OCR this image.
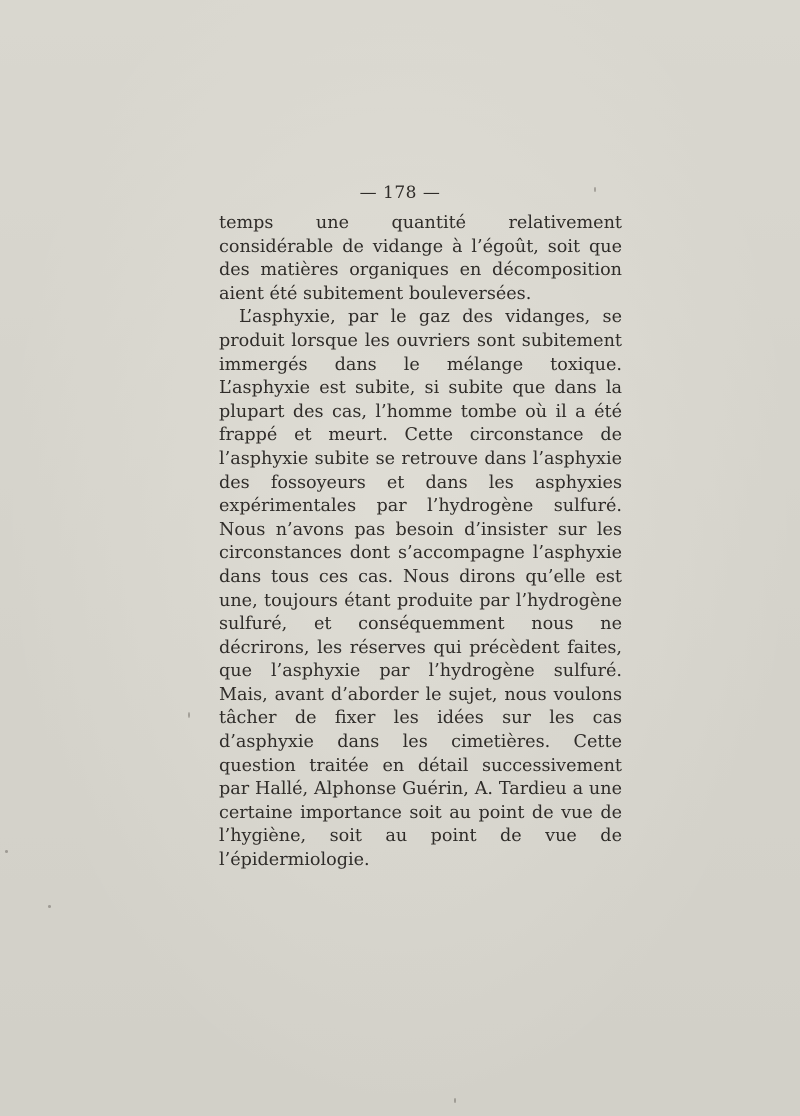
— 178 —

temps une quantité relativement considérable de vidange à l’égoût, soit que des matières organiques en décomposition aient été subitement bouleversées.

L’asphyxie, par le gaz des vidanges, se produit lorsque les ouvriers sont subitement immergés dans le mélange toxique. L’asphyxie est subite, si subite que dans la plupart des cas, l’homme tombe où il a été frappé et meurt. Cette circonstance de l’asphyxie subite se retrouve dans l’asphyxie des fossoyeurs et dans les asphyxies expérimentales par l’hydrogène sulfuré. Nous n’avons pas besoin d’insister sur les circonstances dont s’accompagne l’asphyxie dans tous ces cas. Nous dirons qu’elle est une, toujours étant produite par l’hydrogène sulfuré, et conséquemment nous ne décrirons, les réserves qui précèdent faites, que l’asphyxie par l’hydrogène sulfuré. Mais, avant d’aborder le sujet, nous voulons tâcher de fixer les idées sur les cas d’asphyxie dans les cimetières. Cette question traitée en détail successivement par Hallé, Alphonse Guérin, A. Tardieu a une certaine importance soit au point de vue de l’hygiène, soit au point de vue de l’épidermiologie.
